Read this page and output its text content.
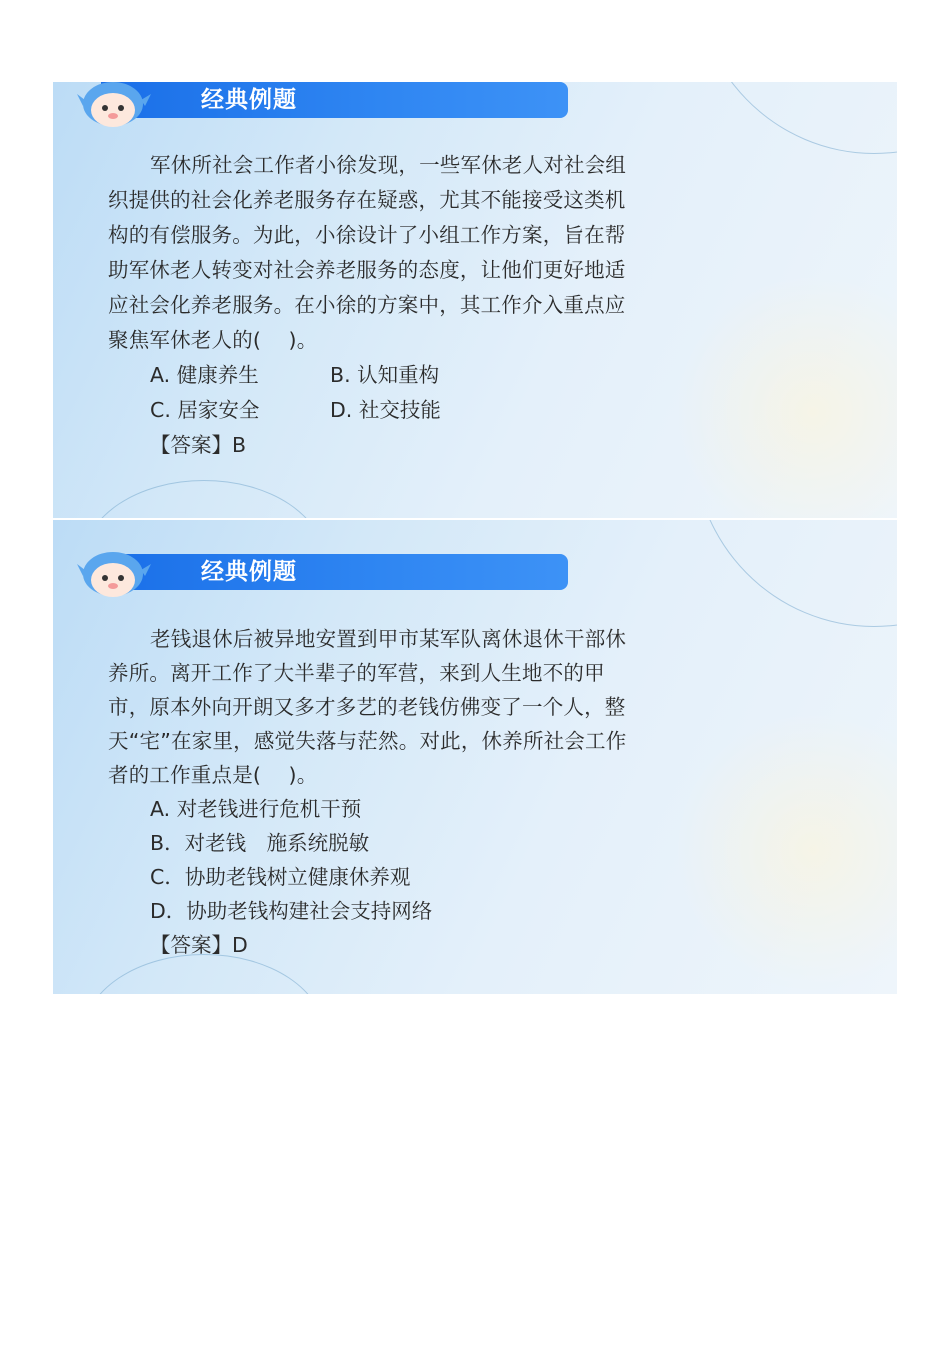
经典例题

军休所社会工作者小徐发现，一些军休老人对社会组织提供的社会化养老服务存在疑惑，尤其不能接受这类机构的有偿服务。为此，小徐设计了小组工作方案，旨在帮助军休老人转变对社会养老服务的态度，让他们更好地适应社会化养老服务。在小徐的方案中，其工作介入重点应聚焦军休老人的(　 )。

A. 健康养生	B. 认知重构
C. 居家安全	D. 社交技能
【答案】B
经典例题

老钱退休后被异地安置到甲市某军队离休退休干部休养所。离开工作了大半辈子的军营，来到人生地不的甲市，原本外向开朗又多才多艺的老钱仿佛变了一个人，整天“宅”在家里，感觉失落与茫然。对此，休养所社会工作者的工作重点是(　 )。

A. 对老钱进行危机干预
B．对老钱　施系统脱敏
C．协助老钱树立健康休养观
D．协助老钱构建社会支持网络
【答案】D
